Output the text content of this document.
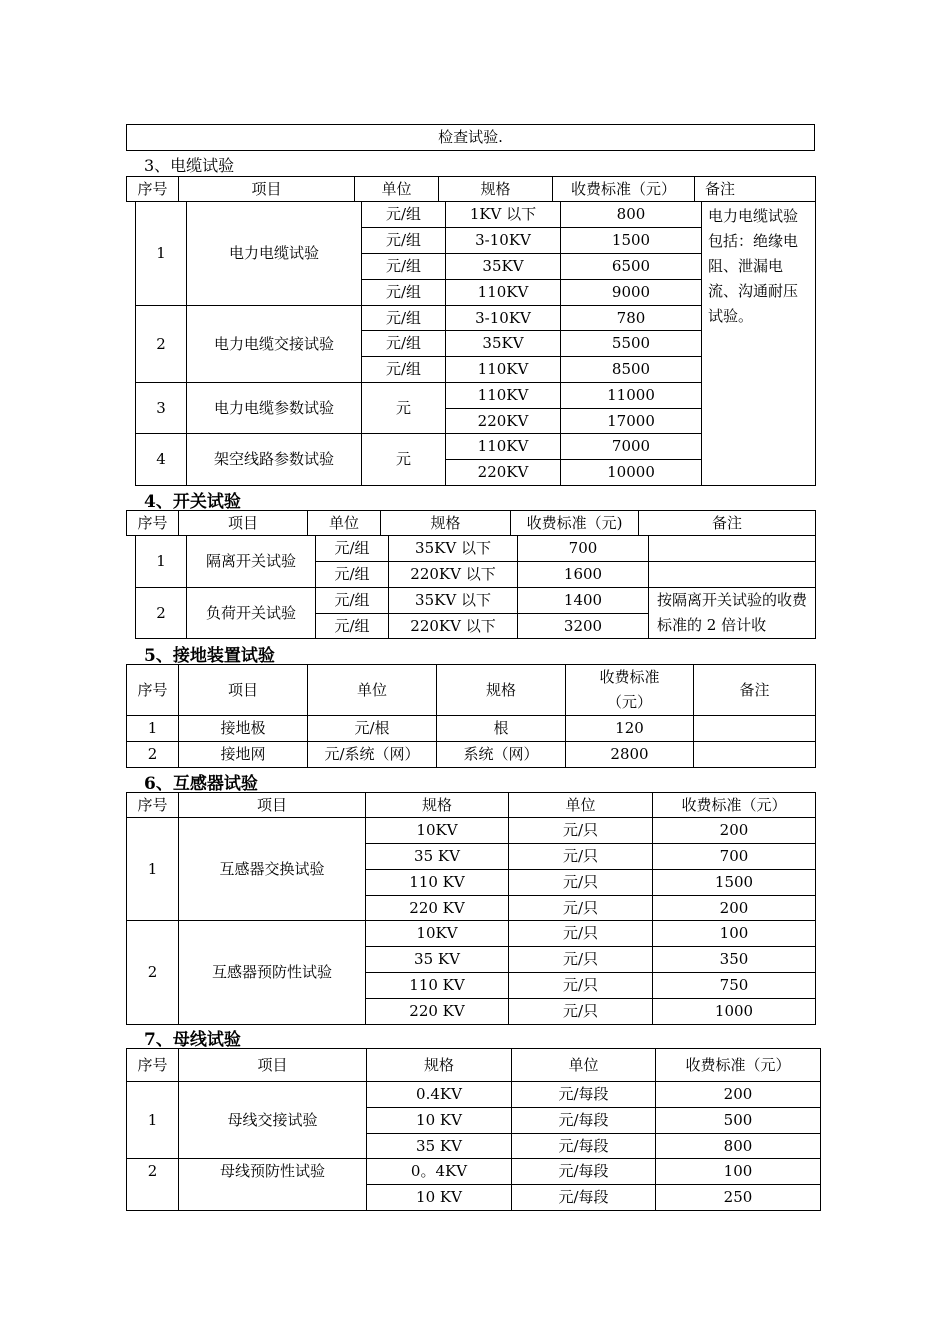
检查试验.
3、电缆试验
序号	项目	单位	规格	收费标准（元）	备注
1	电力电缆试验	元/组	1KV 以下	800	电力电缆试验包括：绝缘电阻、泄漏电流、沟通耐压试验。
		元/组	3-10KV	1500	
		元/组	35KV	6500	
		元/组	110KV	9000	
2	电力电缆交接试验	元/组	3-10KV	780	
		元/组	35KV	5500	
		元/组	110KV	8500	
3	电力电缆参数试验	元	110KV	11000	
			220KV	17000	
4	架空线路参数试验	元	110KV	7000	
			220KV	10000	
4、开关试验
序号	项目	单位	规格	收费标准（元)	备注
1	隔离开关试验	元/组	35KV 以下	700	
		元/组	220KV 以下	1600	
2	负荷开关试验	元/组	35KV 以下	1400	按隔离开关试验的收费标准的 2 倍计收
		元/组	220KV 以下	3200	
5、接地装置试验
序号	项目	单位	规格	收费标准（元）	备注
1	接地极	元/根	根	120	
2	接地网	元/系统（网）	系统（网）	2800	
6、互感器试验
序号	项目	规格	单位	收费标准（元）
1	互感器交换试验	10KV	元/只	200
		35 KV	元/只	700
		110 KV	元/只	1500
		220 KV	元/只	200
2	互感器预防性试验	10KV	元/只	100
		35 KV	元/只	350
		110 KV	元/只	750
		220 KV	元/只	1000
7、母线试验
序号	项目	规格	单位	收费标准（元）
1	母线交接试验	0.4KV	元/每段	200
		10 KV	元/每段	500
		35 KV	元/每段	800
2	母线预防性试验	0。4KV	元/每段	100
		10 KV	元/每段	250
